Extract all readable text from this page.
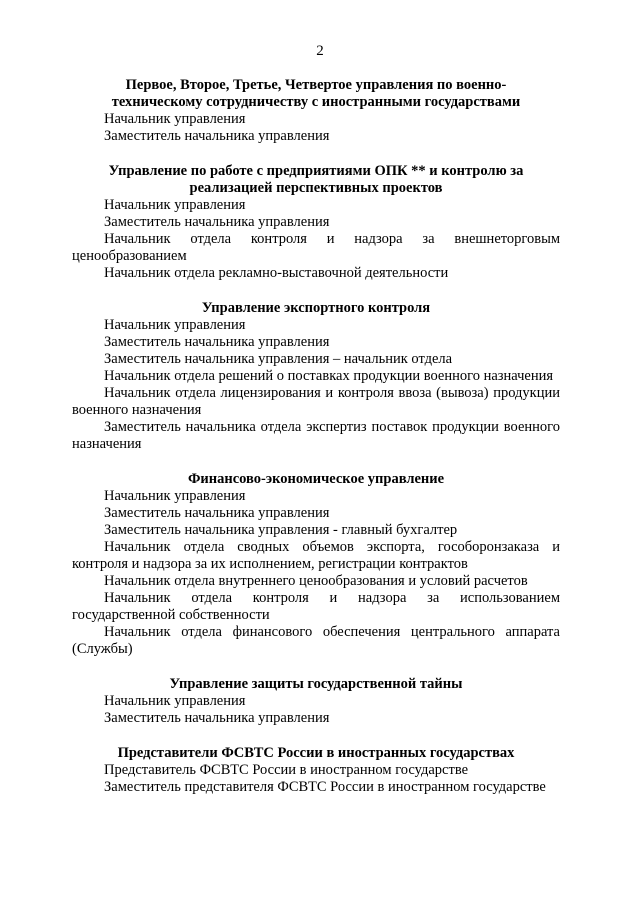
2

Первое, Второе, Третье, Четвертое управления по военно-

техническому сотрудничеству с иностранными государствами

Начальник управления

Заместитель начальника управления

Управление по работе с предприятиями ОПК ** и контролю за

реализацией перспективных проектов

Начальник управления

Заместитель начальника управления

Начальник отдела контроля и надзора за внешнеторговым ценообразованием

Начальник отдела рекламно-выставочной деятельности

Управление экспортного контроля

Начальник управления

Заместитель начальника управления

Заместитель начальника управления – начальник отдела

Начальник отдела решений о поставках продукции военного назначения

Начальник отдела лицензирования и контроля ввоза (вывоза) продукции военного назначения

Заместитель начальника отдела экспертиз поставок продукции военного назначения

Финансово-экономическое управление

Начальник управления

Заместитель начальника управления

Заместитель начальника управления - главный бухгалтер

Начальник отдела сводных объемов экспорта, гособоронзаказа и контроля и надзора за их исполнением, регистрации контрактов

Начальник отдела внутреннего ценообразования и условий расчетов

Начальник отдела контроля и надзора за использованием государственной собственности

Начальник отдела финансового обеспечения центрального аппарата (Службы)

Управление защиты государственной тайны

Начальник управления

Заместитель начальника управления

Представители ФСВТС России в иностранных государствах

Представитель ФСВТС России в иностранном государстве

Заместитель представителя ФСВТС России в иностранном государстве
